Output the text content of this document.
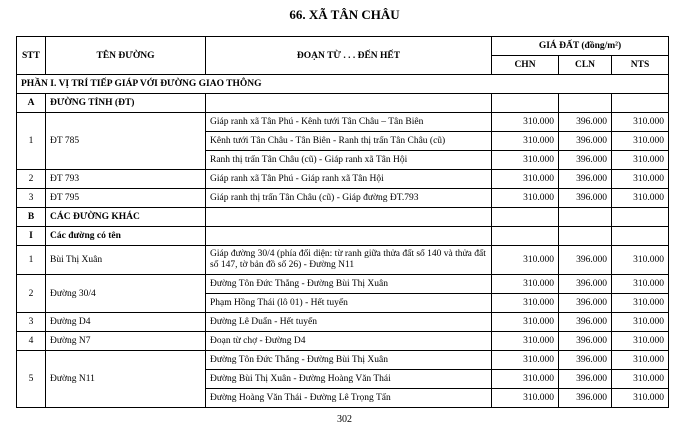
66. XÃ TÂN CHÂU
STT	TÊN ĐƯỜNG	ĐOẠN TỪ . . . ĐẾN HẾT	GIÁ ĐẤT (đồng/m²)		
			CHN	CLN	NTS
PHẦN I. VỊ TRÍ TIẾP GIÁP VỚI ĐƯỜNG GIAO THÔNG					
A	ĐƯỜNG TỈNH (ĐT)				
1	ĐT 785	Giáp ranh xã Tân Phú - Kênh tưới Tân Châu – Tân Biên	310.000	396.000	310.000
		Kênh tưới Tân Châu - Tân Biên - Ranh thị trấn Tân Châu (cũ)	310.000	396.000	310.000
		Ranh thị trấn Tân Châu (cũ) - Giáp ranh xã Tân Hội	310.000	396.000	310.000
2	ĐT 793	Giáp ranh xã Tân Phú - Giáp ranh xã Tân Hội	310.000	396.000	310.000
3	ĐT 795	Giáp ranh thị trấn Tân Châu (cũ) - Giáp đường ĐT.793	310.000	396.000	310.000
B	CÁC ĐƯỜNG KHÁC				
I	Các đường có tên				
1	Bùi Thị Xuân	Giáp đường 30/4 (phía đối diện: từ ranh giữa thửa đất số 140 và thửa đất số 147, tờ bản đồ số 26) - Đường N11	310.000	396.000	310.000
2	Đường 30/4	Đường Tôn Đức Thắng - Đường Bùi Thị Xuân	310.000	396.000	310.000
		Phạm Hồng Thái (lô 01) - Hết tuyến	310.000	396.000	310.000
3	Đường D4	Đường Lê Duẩn - Hết tuyến	310.000	396.000	310.000
4	Đường N7	Đoạn từ chợ - Đường D4	310.000	396.000	310.000
5	Đường N11	Đường Tôn Đức Thắng - Đường Bùi Thị Xuân	310.000	396.000	310.000
		Đường Bùi Thị Xuân - Đường Hoàng Văn Thái	310.000	396.000	310.000
		Đường Hoàng Văn Thái - Đường Lê Trọng Tấn	310.000	396.000	310.000
302
